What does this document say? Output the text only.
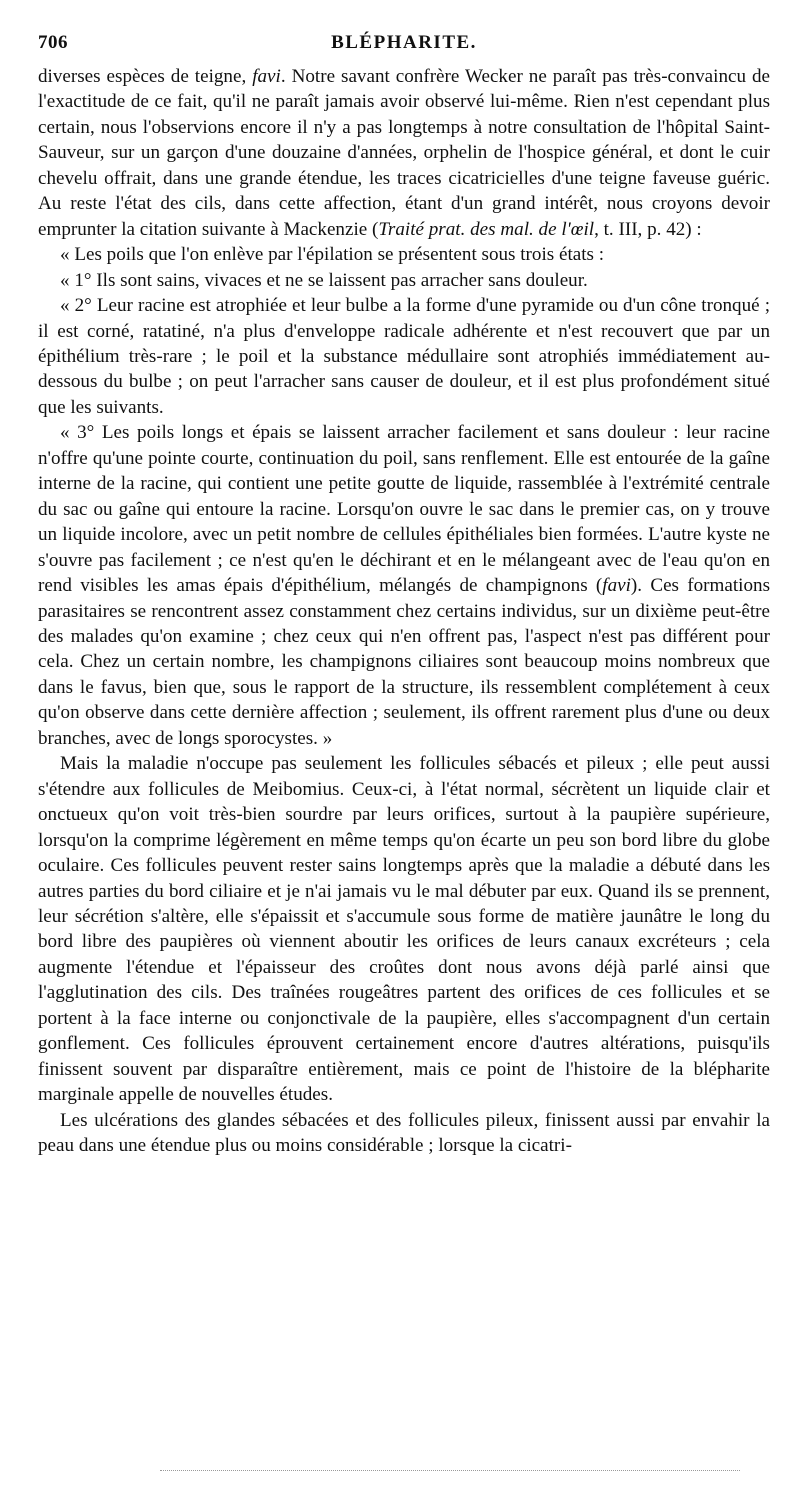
706	BLÉPHARITE.

diverses espèces de teigne, favi. Notre savant confrère Wecker ne paraît pas très-convaincu de l'exactitude de ce fait, qu'il ne paraît jamais avoir observé lui-même. Rien n'est cependant plus certain, nous l'observions encore il n'y a pas longtemps à notre consultation de l'hôpital Saint-Sauveur, sur un garçon d'une douzaine d'années, orphelin de l'hospice général, et dont le cuir chevelu offrait, dans une grande étendue, les traces cicatricielles d'une teigne faveuse guéric. Au reste l'état des cils, dans cette affection, étant d'un grand intérêt, nous croyons devoir emprunter la citation suivante à Mackenzie (Traité prat. des mal. de l'œil, t. III, p. 42) :

« Les poils que l'on enlève par l'épilation se présentent sous trois états :

« 1° Ils sont sains, vivaces et ne se laissent pas arracher sans douleur.

« 2° Leur racine est atrophiée et leur bulbe a la forme d'une pyramide ou d'un cône tronqué ; il est corné, ratatiné, n'a plus d'enveloppe radicale adhérente et n'est recouvert que par un épithélium très-rare ; le poil et la substance médullaire sont atrophiés immédiatement au-dessous du bulbe ; on peut l'arracher sans causer de douleur, et il est plus profondément situé que les suivants.

« 3° Les poils longs et épais se laissent arracher facilement et sans douleur : leur racine n'offre qu'une pointe courte, continuation du poil, sans renflement. Elle est entourée de la gaîne interne de la racine, qui contient une petite goutte de liquide, rassemblée à l'extrémité centrale du sac ou gaîne qui entoure la racine. Lorsqu'on ouvre le sac dans le premier cas, on y trouve un liquide incolore, avec un petit nombre de cellules épithéliales bien formées. L'autre kyste ne s'ouvre pas facilement ; ce n'est qu'en le déchirant et en le mélangeant avec de l'eau qu'on en rend visibles les amas épais d'épithélium, mélangés de champignons (favi). Ces formations parasitaires se rencontrent assez constamment chez certains individus, sur un dixième peut-être des malades qu'on examine ; chez ceux qui n'en offrent pas, l'aspect n'est pas différent pour cela. Chez un certain nombre, les champignons ciliaires sont beaucoup moins nombreux que dans le favus, bien que, sous le rapport de la structure, ils ressemblent complétement à ceux qu'on observe dans cette dernière affection ; seulement, ils offrent rarement plus d'une ou deux branches, avec de longs sporocystes. »

Mais la maladie n'occupe pas seulement les follicules sébacés et pileux ; elle peut aussi s'étendre aux follicules de Meibomius. Ceux-ci, à l'état normal, sécrètent un liquide clair et onctueux qu'on voit très-bien sourdre par leurs orifices, surtout à la paupière supérieure, lorsqu'on la comprime légèrement en même temps qu'on écarte un peu son bord libre du globe oculaire. Ces follicules peuvent rester sains longtemps après que la maladie a débuté dans les autres parties du bord ciliaire et je n'ai jamais vu le mal débuter par eux. Quand ils se prennent, leur sécrétion s'altère, elle s'épaissit et s'accumule sous forme de matière jaunâtre le long du bord libre des paupières où viennent aboutir les orifices de leurs canaux excréteurs ; cela augmente l'étendue et l'épaisseur des croûtes dont nous avons déjà parlé ainsi que l'agglutination des cils. Des traînées rougeâtres partent des orifices de ces follicules et se portent à la face interne ou conjonctivale de la paupière, elles s'accompagnent d'un certain gonflement. Ces follicules éprouvent certainement encore d'autres altérations, puisqu'ils finissent souvent par disparaître entièrement, mais ce point de l'histoire de la blépharite marginale appelle de nouvelles études.

Les ulcérations des glandes sébacées et des follicules pileux, finissent aussi par envahir la peau dans une étendue plus ou moins considérable ; lorsque la cicatri-
